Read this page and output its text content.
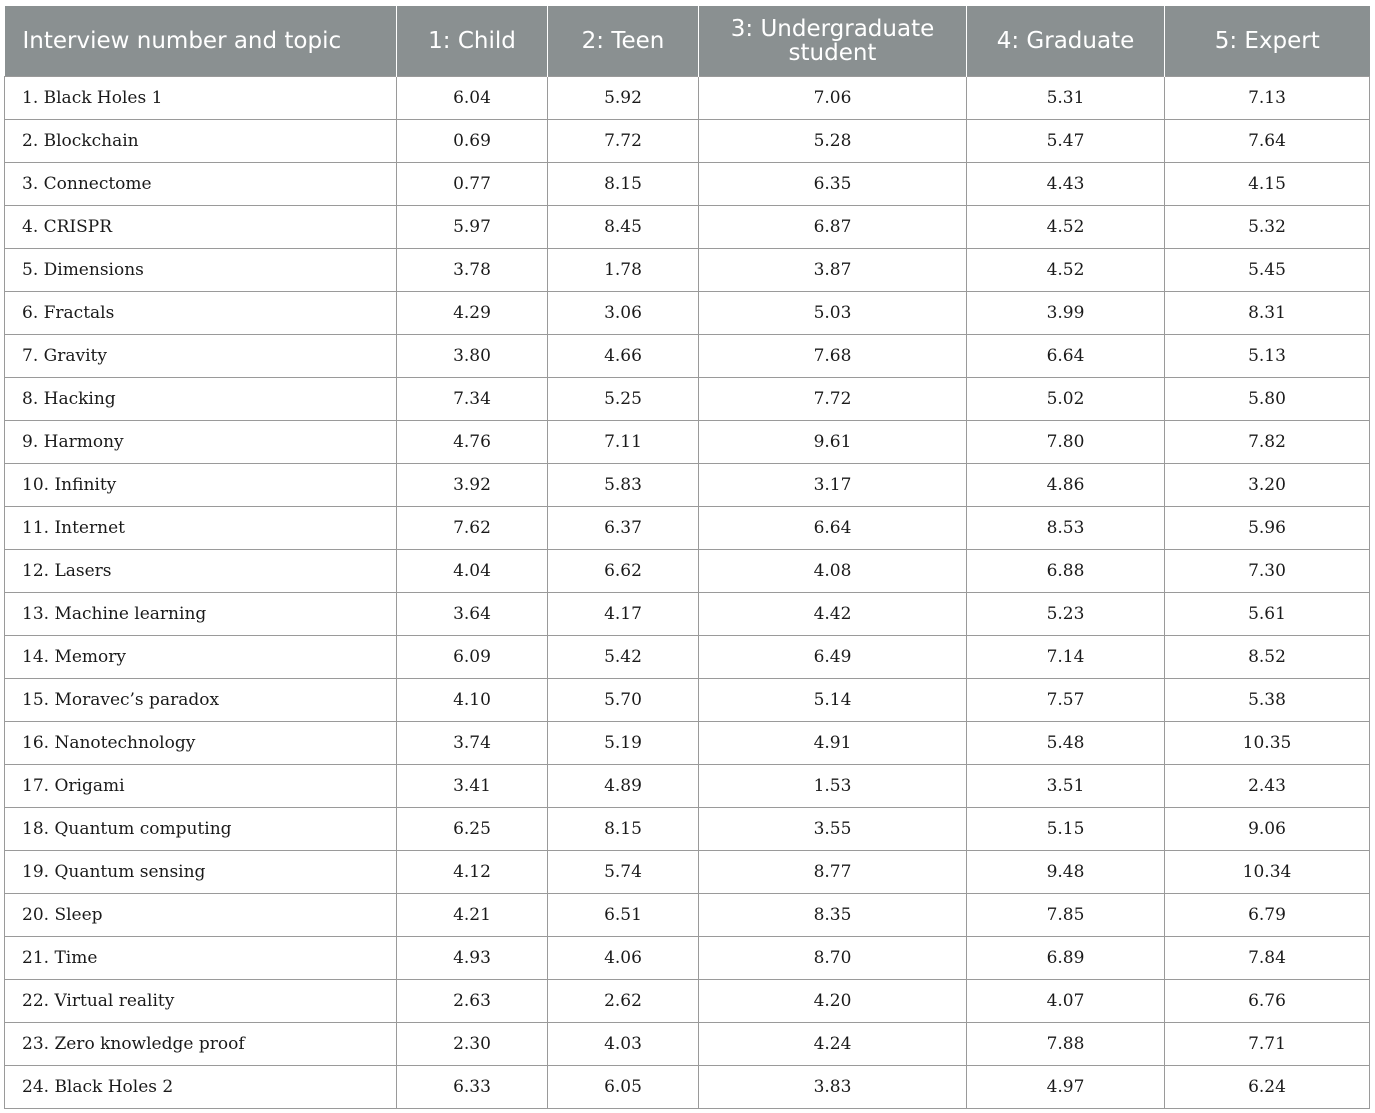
Interview number and topic	1: Child	2: Teen	3: Undergraduate student	4: Graduate	5: Expert
1. Black Holes 1	6.04	5.92	7.06	5.31	7.13
2. Blockchain	0.69	7.72	5.28	5.47	7.64
3. Connectome	0.77	8.15	6.35	4.43	4.15
4. CRISPR	5.97	8.45	6.87	4.52	5.32
5. Dimensions	3.78	1.78	3.87	4.52	5.45
6. Fractals	4.29	3.06	5.03	3.99	8.31
7. Gravity	3.80	4.66	7.68	6.64	5.13
8. Hacking	7.34	5.25	7.72	5.02	5.80
9. Harmony	4.76	7.11	9.61	7.80	7.82
10. Infinity	3.92	5.83	3.17	4.86	3.20
11. Internet	7.62	6.37	6.64	8.53	5.96
12. Lasers	4.04	6.62	4.08	6.88	7.30
13. Machine learning	3.64	4.17	4.42	5.23	5.61
14. Memory	6.09	5.42	6.49	7.14	8.52
15. Moravec’s paradox	4.10	5.70	5.14	7.57	5.38
16. Nanotechnology	3.74	5.19	4.91	5.48	10.35
17. Origami	3.41	4.89	1.53	3.51	2.43
18. Quantum computing	6.25	8.15	3.55	5.15	9.06
19. Quantum sensing	4.12	5.74	8.77	9.48	10.34
20. Sleep	4.21	6.51	8.35	7.85	6.79
21. Time	4.93	4.06	8.70	6.89	7.84
22. Virtual reality	2.63	2.62	4.20	4.07	6.76
23. Zero knowledge proof	2.30	4.03	4.24	7.88	7.71
24. Black Holes 2	6.33	6.05	3.83	4.97	6.24
